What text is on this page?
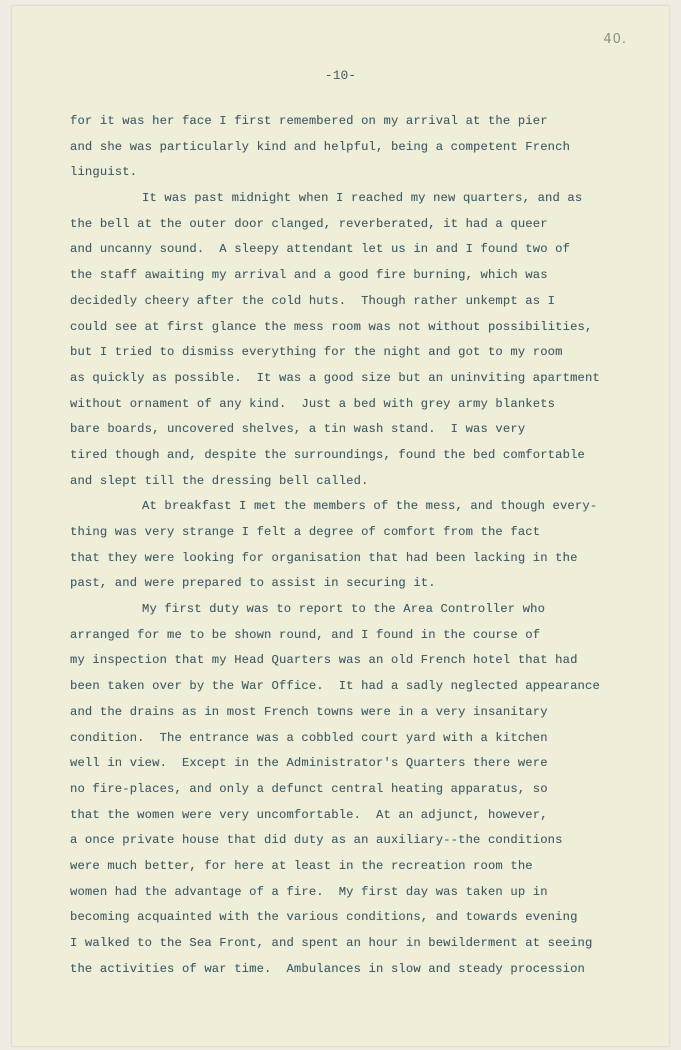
40.
-10-
for it was her face I first remembered on my arrival at the pier
and she was particularly kind and helpful, being a competent French
linguist.
It was past midnight when I reached my new quarters, and as
the bell at the outer door clanged, reverberated, it had a queer
and uncanny sound.  A sleepy attendant let us in and I found two of
the staff awaiting my arrival and a good fire burning, which was
decidedly cheery after the cold huts.  Though rather unkempt as I
could see at first glance the mess room was not without possibilities,
but I tried to dismiss everything for the night and got to my room
as quickly as possible.  It was a good size but an uninviting apartment
without ornament of any kind.  Just a bed with grey army blankets
bare boards, uncovered shelves, a tin wash stand.  I was very
tired though and, despite the surroundings, found the bed comfortable
and slept till the dressing bell called.
At breakfast I met the members of the mess, and though every-
thing was very strange I felt a degree of comfort from the fact
that they were looking for organisation that had been lacking in the
past, and were prepared to assist in securing it.
My first duty was to report to the Area Controller who
arranged for me to be shown round, and I found in the course of
my inspection that my Head Quarters was an old French hotel that had
been taken over by the War Office.  It had a sadly neglected appearance
and the drains as in most French towns were in a very insanitary
condition.  The entrance was a cobbled court yard with a kitchen
well in view.  Except in the Administrator's Quarters there were
no fire-places, and only a defunct central heating apparatus, so
that the women were very uncomfortable.  At an adjunct, however,
a once private house that did duty as an auxiliary--the conditions
were much better, for here at least in the recreation room the
women had the advantage of a fire.  My first day was taken up in
becoming acquainted with the various conditions, and towards evening
I walked to the Sea Front, and spent an hour in bewilderment at seeing
the activities of war time.  Ambulances in slow and steady procession
